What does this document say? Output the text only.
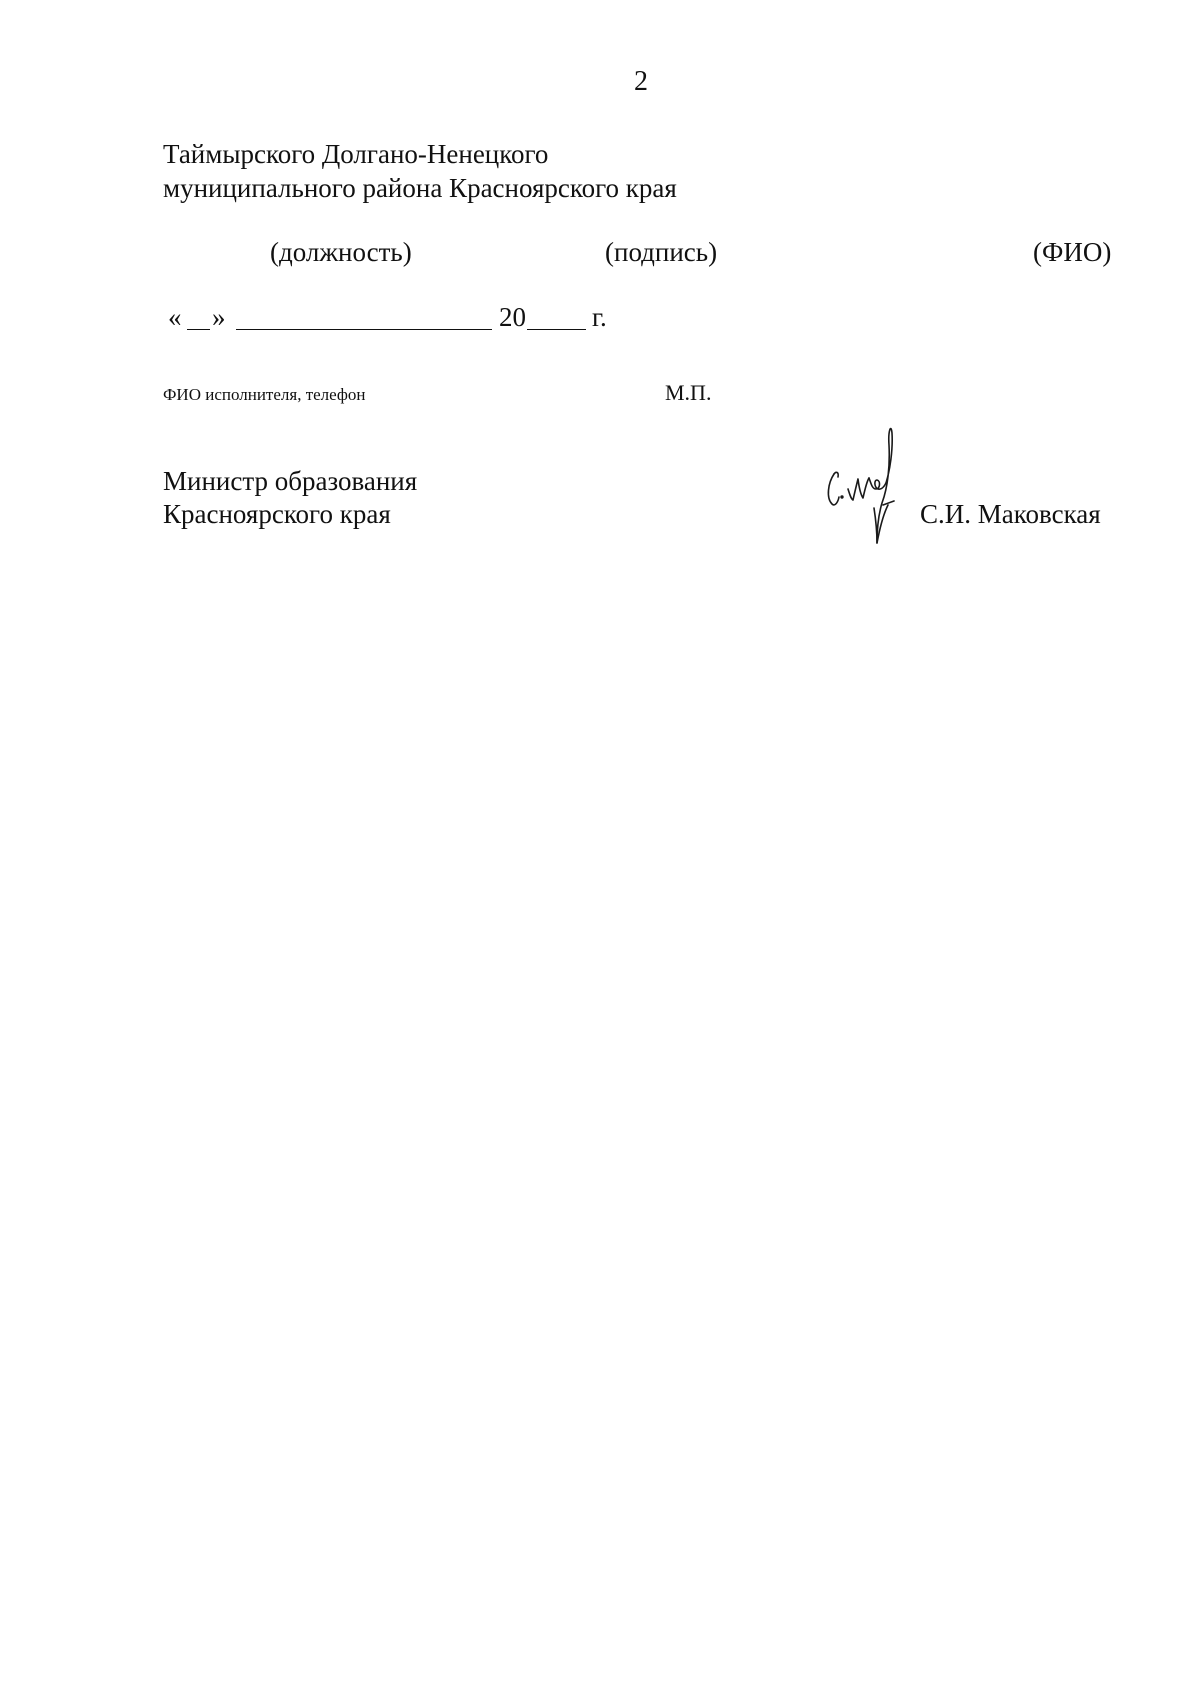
2
Таймырского Долгано-Ненецкого
муниципального района Красноярского края
(должность)	(подпись)	(ФИО)
« »	20 г.
ФИО исполнителя, телефон	М.П.
Министр образования
Красноярского края	С.И. Маковская
